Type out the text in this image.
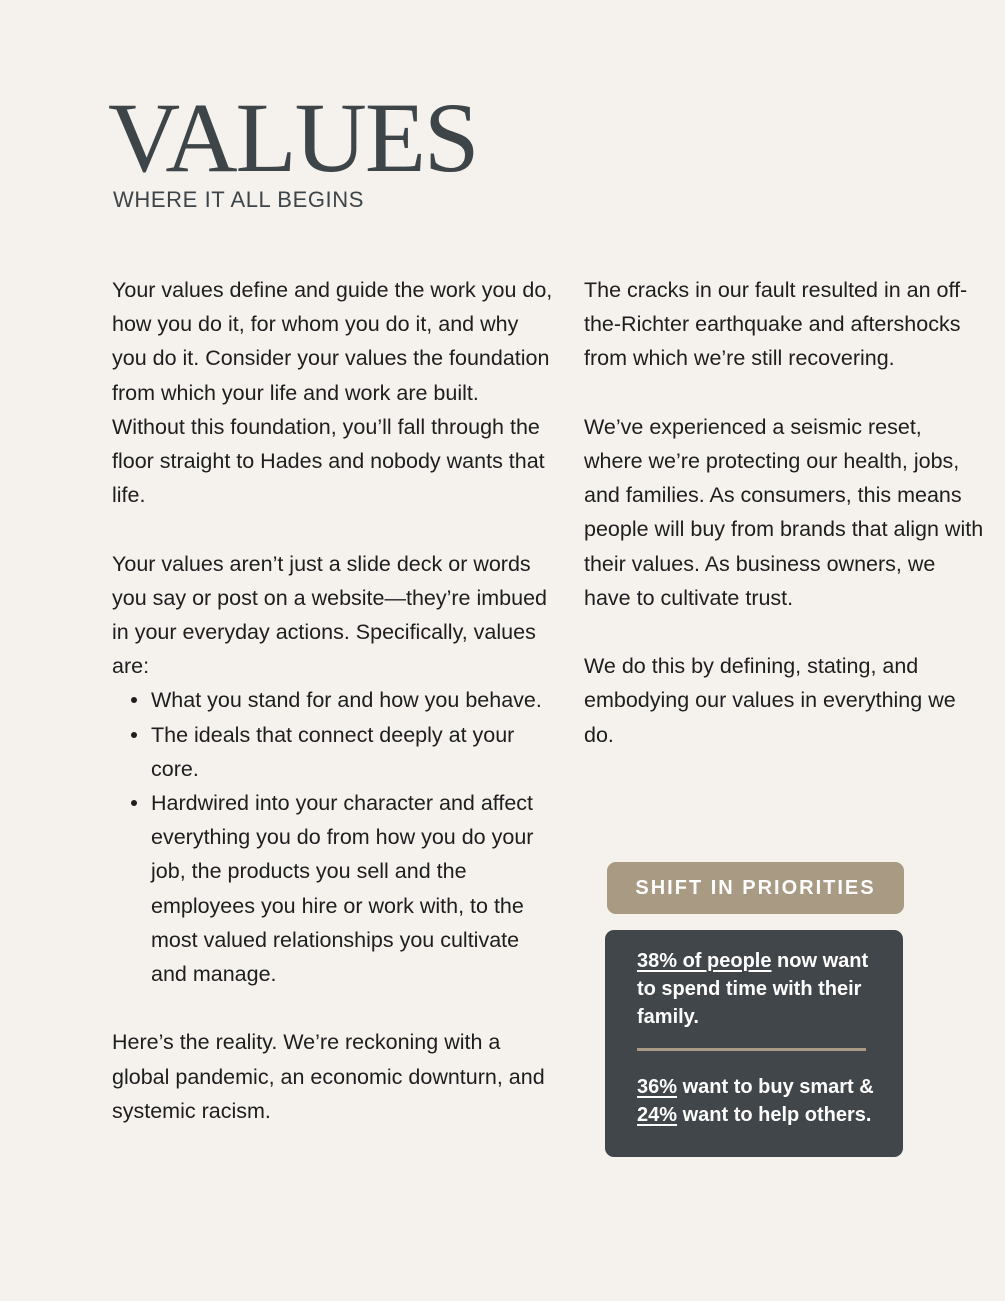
VALUES
WHERE IT ALL BEGINS

Your values define and guide the work you do, how you do it, for whom you do it, and why you do it. Consider your values the foundation from which your life and work are built. Without this foundation, you’ll fall through the floor straight to Hades and nobody wants that life.

Your values aren’t just a slide deck or words you say or post on a website—they’re imbued in your everyday actions. Specifically, values are:

What you stand for and how you behave.
The ideals that connect deeply at your core.
Hardwired into your character and affect everything you do from how you do your job, the products you sell and the employees you hire or work with, to the most valued relationships you cultivate and manage.

Here’s the reality. We’re reckoning with a global pandemic, an economic downturn, and systemic racism.

The cracks in our fault resulted in an off-the-Richter earthquake and aftershocks from which we’re still recovering.

We’ve experienced a seismic reset, where we’re protecting our health, jobs, and families. As consumers, this means people will buy from brands that align with their values. As business owners, we have to cultivate trust.

We do this by defining, stating, and embodying our values in everything we do.

SHIFT IN PRIORITIES

38% of people now want to spend time with their family.

36% want to buy smart & 24% want to help others.
